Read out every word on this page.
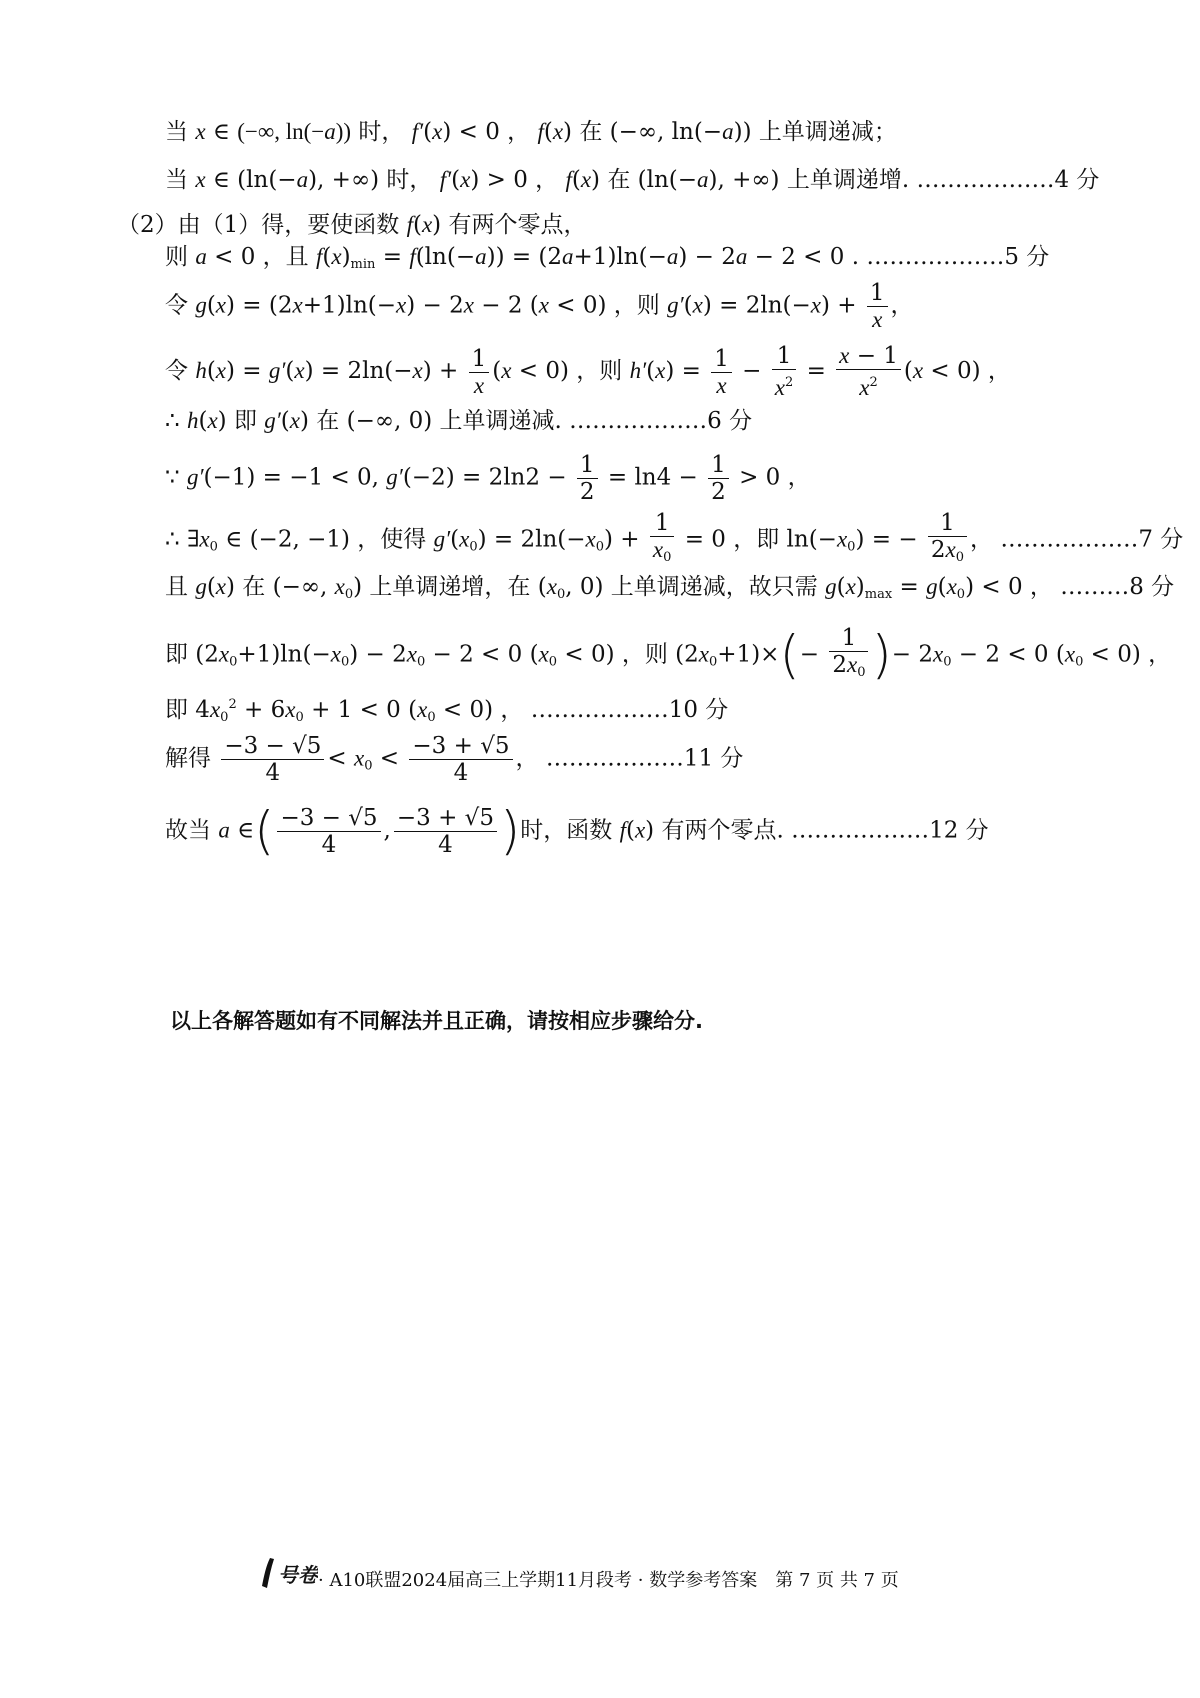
当 x ∈ (−∞, ln(−a)) 时， f′(x) < 0 ， f(x) 在 (−∞, ln(−a)) 上单调递减；
当 x ∈ (ln(−a), +∞) 时， f′(x) > 0 ， f(x) 在 (ln(−a), +∞) 上单调递增. ………………4 分
（2）由（1）得，要使函数 f(x) 有两个零点，
则 a < 0 ，且 $f(x)_{min} = f(\ln(-a)) = (2a+1)\ln(-a) - 2a - 2 < 0$ . ………………5 分
令 g(x) = (2x+1)ln(−x) − 2x − 2 (x < 0) ，则 $g'(x) = 2\ln(-x) + \frac{1}{x}$ ，
令 $h(x) = g'(x) = 2\ln(-x) + \frac{1}{x} (x < 0)$ ，则 $h'(x) = \frac{1}{x} - \frac{1}{x^2} = \frac{x - 1}{x^2} (x < 0)$ ，
∴ h(x) 即 g′(x) 在 (−∞, 0) 上单调递减. ………………6 分
∵ g′(−1) = −1 < 0, $g'(-2) = 2\ln 2 - \frac{1}{2} = \ln 4 - \frac{1}{2} > 0$ ，
∴ $\exists x_0$ ∈ (−2, −1) ，使得 $g'(x_0) = 2\ln(-x_0) + \frac{1}{x_0} = 0$ ，即 $\ln(-x_0)$ = − $\frac{1}{2x_0}$ ， ………………7 分
且 g(x) 在 (−∞, $x_0$) 上单调递增，在 ($x_0$, 0) 上单调递减，故只需 $g(x)_{max} = g(x_0) < 0$ ， ………8 分
即 $(2x_0+1)\ln(-x_0) - 2x_0 - 2 < 0$ $(x_0 < 0)$ ，则 $(2x_0+1)\times(- \frac{1}{2x_0}$ )− $2x_0 - 2 < 0$ $(x_0 < 0)$ ，
即 $4x_0^2 + 6x_0 + 1 < 0$ $(x_0 < 0)$ ， ………………10 分
解得 $\frac{-3 - √5}{4} < x_0 < \frac{-3 + √5}{4}$ ， ………………11 分
故当 a ∈( $\frac{-3 - √5}{4}$ , $\frac{-3 + √5}{4}$ )时，函数 f(x) 有两个零点. ………………12 分
以上各解答题如有不同解法并且正确，请按相应步骤给分.
号卷 · A10联盟2024届高三上学期11月段考 · 数学参考答案　第 7 页 共 7 页
